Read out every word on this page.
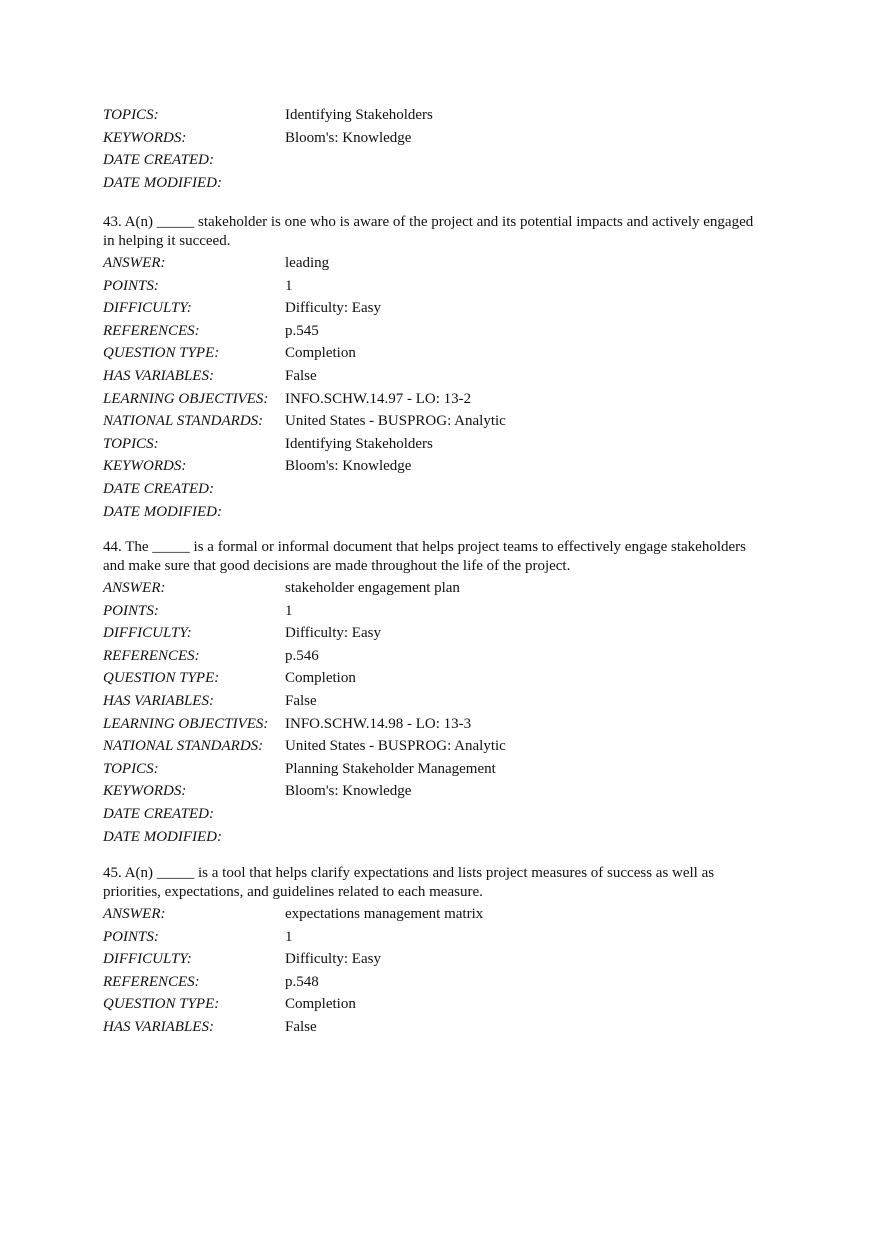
TOPICS:	Identifying Stakeholders
KEYWORDS:	Bloom's: Knowledge
DATE CREATED:
DATE MODIFIED:
43. A(n) _____ stakeholder is one who is aware of the project and its potential impacts and actively engaged in helping it succeed.
ANSWER:	leading
POINTS:	1
DIFFICULTY:	Difficulty: Easy
REFERENCES:	p.545
QUESTION TYPE:	Completion
HAS VARIABLES:	False
LEARNING OBJECTIVES: INFO.SCHW.14.97 - LO: 13-2
NATIONAL STANDARDS: United States - BUSPROG: Analytic
TOPICS:	Identifying Stakeholders
KEYWORDS:	Bloom's: Knowledge
DATE CREATED:
DATE MODIFIED:
44. The _____ is a formal or informal document that helps project teams to effectively engage stakeholders and make sure that good decisions are made throughout the life of the project.
ANSWER:	stakeholder engagement plan
POINTS:	1
DIFFICULTY:	Difficulty: Easy
REFERENCES:	p.546
QUESTION TYPE:	Completion
HAS VARIABLES:	False
LEARNING OBJECTIVES: INFO.SCHW.14.98 - LO: 13-3
NATIONAL STANDARDS: United States - BUSPROG: Analytic
TOPICS:	Planning Stakeholder Management
KEYWORDS:	Bloom's: Knowledge
DATE CREATED:
DATE MODIFIED:
45. A(n) _____ is a tool that helps clarify expectations and lists project measures of success as well as priorities, expectations, and guidelines related to each measure.
ANSWER:	expectations management matrix
POINTS:	1
DIFFICULTY:	Difficulty: Easy
REFERENCES:	p.548
QUESTION TYPE:	Completion
HAS VARIABLES:	False
